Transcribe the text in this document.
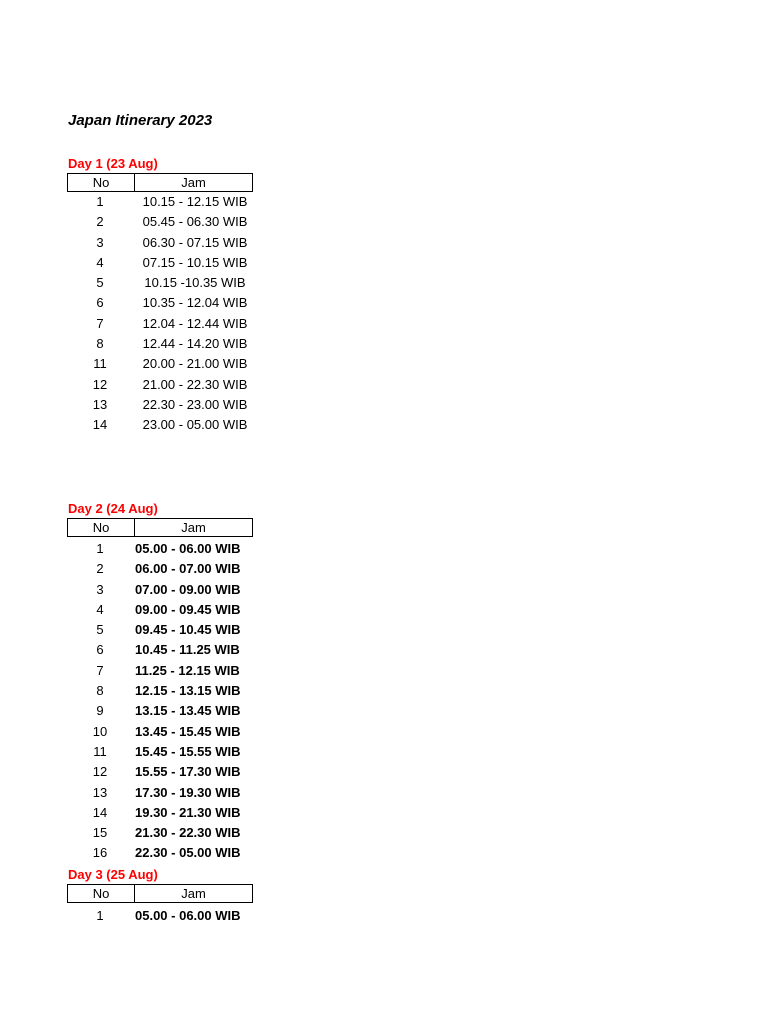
Japan Itinerary 2023
Day 1 (23 Aug)
No	Jam
1	10.15 - 12.15 WIB
2	05.45 - 06.30 WIB
3	06.30 - 07.15 WIB
4	07.15 - 10.15 WIB
5	10.15 -10.35 WIB
6	10.35 - 12.04 WIB
7	12.04 - 12.44 WIB
8	12.44 - 14.20 WIB
11	20.00 - 21.00 WIB
12	21.00 - 22.30 WIB
13	22.30 - 23.00 WIB
14	23.00 - 05.00 WIB
Day 2 (24 Aug)
No	Jam
1	05.00 - 06.00 WIB
2	06.00 - 07.00 WIB
3	07.00 - 09.00 WIB
4	09.00 - 09.45 WIB
5	09.45 - 10.45 WIB
6	10.45 - 11.25 WIB
7	11.25 - 12.15 WIB
8	12.15 - 13.15 WIB
9	13.15 - 13.45 WIB
10	13.45 - 15.45 WIB
11	15.45 - 15.55 WIB
12	15.55 - 17.30 WIB
13	17.30 - 19.30 WIB
14	19.30 - 21.30 WIB
15	21.30 - 22.30 WIB
16	22.30 - 05.00 WIB
Day 3 (25 Aug)
No	Jam
1	05.00 - 06.00 WIB
